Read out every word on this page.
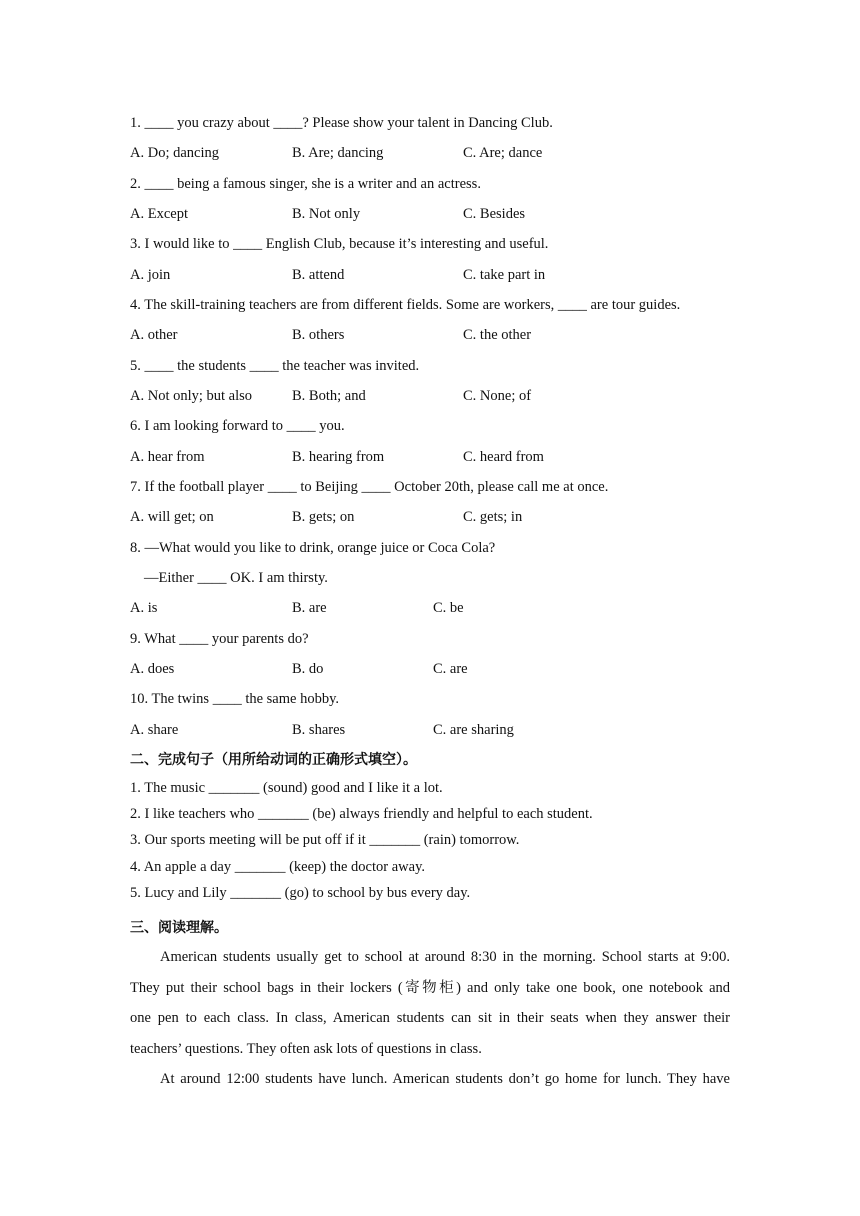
1. ____ you crazy about ____? Please show your talent in Dancing Club.
A. Do; dancing	B. Are; dancing	C. Are; dance
2. ____ being a famous singer, she is a writer and an actress.
A. Except	B. Not only	C. Besides
3. I would like to ____ English Club, because it’s interesting and useful.
A. join	B. attend	C. take part in
4. The skill-training teachers are from different fields. Some are workers, ____ are tour guides.
A. other	B. others	C. the other
5. ____ the students ____ the teacher was invited.
A. Not only; but also	B. Both; and	C. None; of
6. I am looking forward to ____ you.
A. hear from	B. hearing from	C. heard from
7. If the football player ____ to Beijing ____ October 20th, please call me at once.
A. will get; on	B. gets; on	C. gets; in
8. —What would you like to drink, orange juice or Coca Cola?
—Either ____ OK. I am thirsty.
A. is	B. are	C. be
9. What ____ your parents do?
A. does	B. do	C. are
10. The twins ____ the same hobby.
A. share	B. shares	C. are sharing
二、完成句子（用所给动词的正确形式填空）。
1. The music _______ (sound) good and I like it a lot.
2. I like teachers who _______ (be) always friendly and helpful to each student.
3. Our sports meeting will be put off if it _______ (rain) tomorrow.
4. An apple a day _______ (keep) the doctor away.
5. Lucy and Lily _______ (go) to school by bus every day.
三、阅读理解。
American students usually get to school at around 8:30 in the morning. School starts at 9:00.
They put their school bags in their lockers (寄物柜) and only take one book, one notebook and
one pen to each class. In class, American students can sit in their seats when they answer their
teachers’ questions. They often ask lots of questions in class.
At around 12:00 students have lunch. American students don’t go home for lunch. They have
